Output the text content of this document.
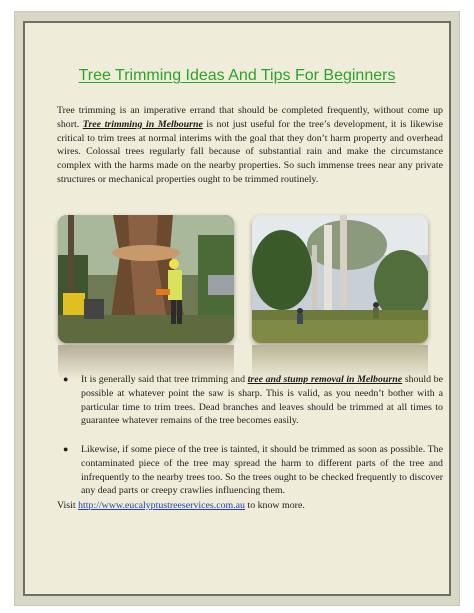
Tree Trimming Ideas And Tips For Beginners
Tree trimming is an imperative errand that should be completed frequently, without come up short. Tree trimming in Melbourne is not just useful for the tree’s development, it is likewise critical to trim trees at normal interims with the goal that they don’t harm property and overhead wires. Colossal trees regularly fall because of substantial rain and make the circumstance complex with the harms made on the nearby properties. So such immense trees near any private structures or mechanical properties ought to be trimmed routinely.
● It is generally said that tree trimming and tree and stump removal in Melbourne should be possible at whatever point the saw is sharp. This is valid, as you needn’t bother with a particular time to trim trees. Dead branches and leaves should be trimmed at all times to guarantee whatever remains of the tree becomes easily.
● Likewise, if some piece of the tree is tainted, it should be trimmed as soon as possible. The contaminated piece of the tree may spread the harm to different parts of the tree and infrequently to the nearby trees too. So the trees ought to be checked frequently to discover any dead parts or creepy crawlies influencing them.
Visit http://www.eucalyptustreeservices.com.au to know more.
